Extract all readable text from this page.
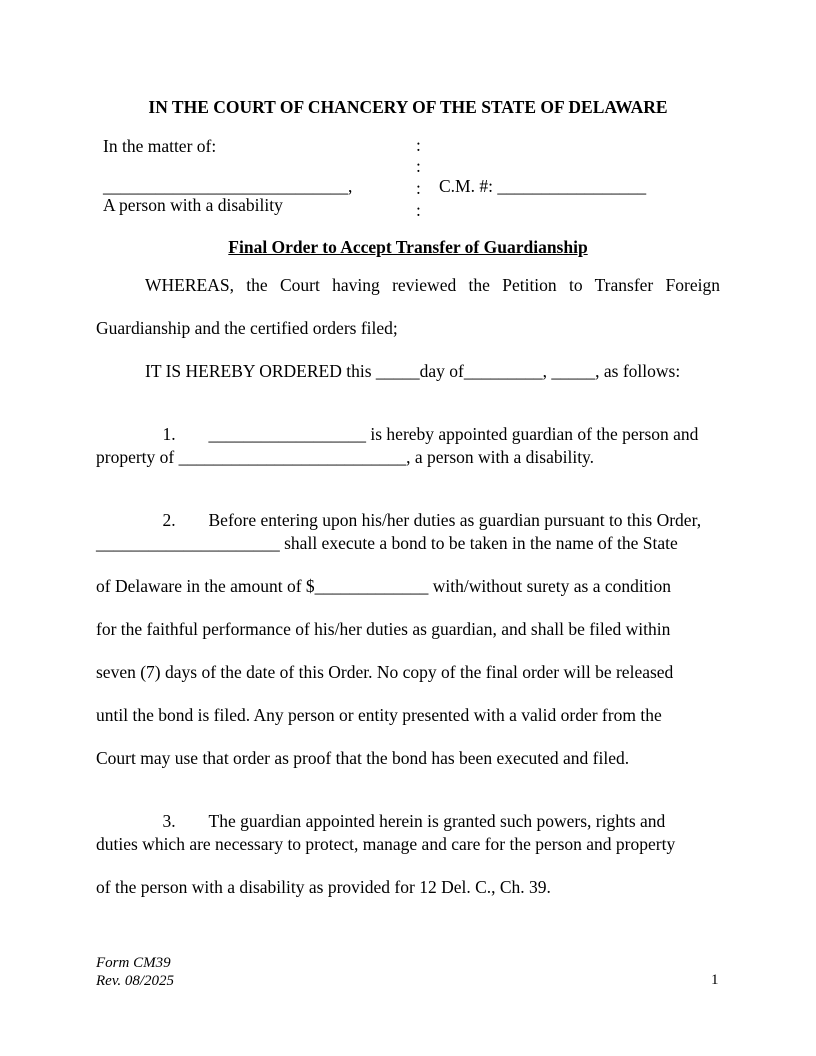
IN THE COURT OF CHANCERY OF THE STATE OF DELAWARE
In the matter of:
____________________________,
A person with a disability
:
:
:
:
C.M. #: _________________
Final Order to Accept Transfer of Guardianship
WHEREAS, the Court having reviewed the Petition to Transfer Foreign
Guardianship and the certified orders filed;
IT IS HEREBY ORDERED this _____day of_________, _____, as follows:

1. __________________ is hereby appointed guardian of the person and

property of __________________________, a person with a disability.

2. Before entering upon his/her duties as guardian pursuant to this Order,

_____________________ shall execute a bond to be taken in the name of the State
of Delaware in the amount of $_____________ with/without surety as a condition
for the faithful performance of his/her duties as guardian, and shall be filed within
seven (7) days of the date of this Order. No copy of the final order will be released
until the bond is filed. Any person or entity presented with a valid order from the
Court may use that order as proof that the bond has been executed and filed.

3. The guardian appointed herein is granted such powers, rights and

duties which are necessary to protect, manage and care for the person and property
of the person with a disability as provided for 12 Del. C., Ch. 39.
Form CM39
Rev. 08/2025	1
